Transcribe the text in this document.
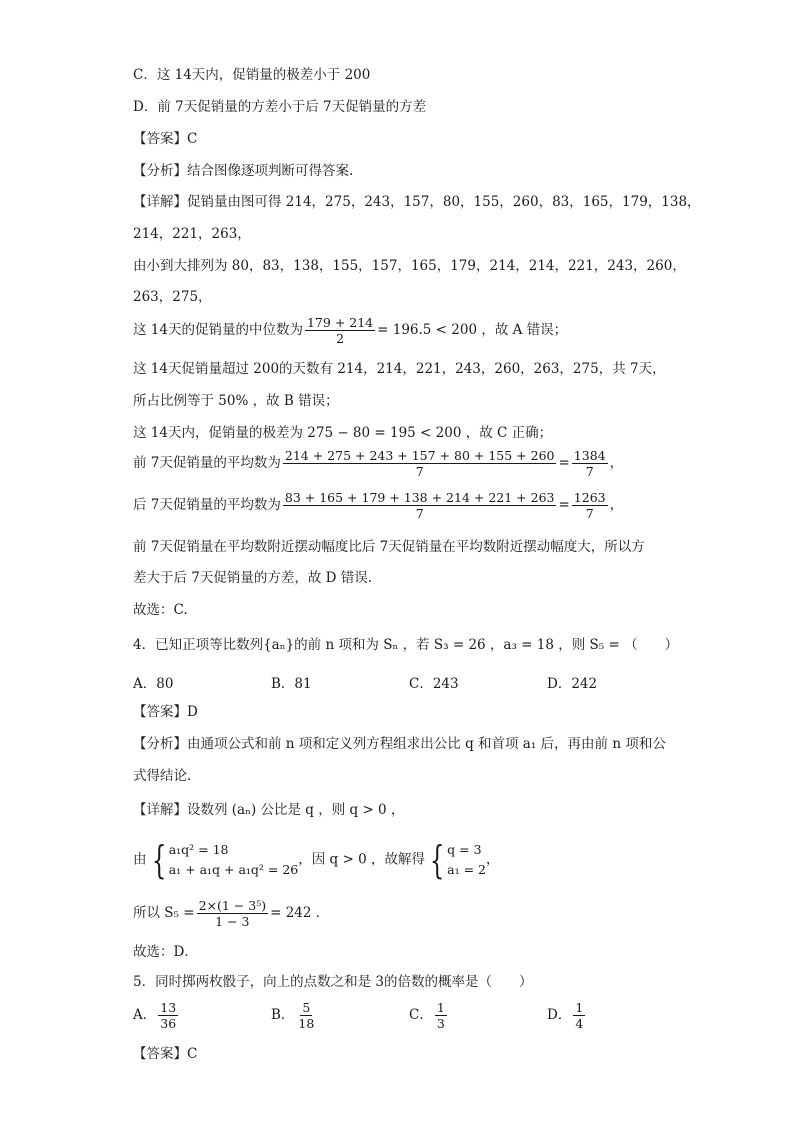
C．这 14天内，促销量的极差小于 200
D．前 7天促销量的方差小于后 7天促销量的方差
【答案】C
【分析】结合图像逐项判断可得答案.
【详解】促销量由图可得 214，275，243，157，80，155，260，83，165，179，138，
214，221，263，
由小到大排列为 80，83，138，155，157，165，179，214，214，221，243，260，
263，275，
这 14天的促销量的中位数为 $\frac{179 + 214}{2} = 196.5 < 200$ ，故 A 错误；
这 14天促销量超过 200的天数有 214，214，221，243，260，263，275，共 7天，
所占比例等于 50% ，故 B 错误；
这 14天内，促销量的极差为 275 − 80 = 195 < 200 ，故 C 正确；
前 7天促销量的平均数为 $\frac{214 + 275 + 243 + 157 + 80 + 155 + 260}{7} = \frac{1384}{7}$ ，
后 7天促销量的平均数为 $\frac{83 + 165 + 179 + 138 + 214 + 221 + 263}{7} = \frac{1263}{7}$ ，
前 7天促销量在平均数附近摆动幅度比后 7天促销量在平均数附近摆动幅度大，所以方
差大于后 7天促销量的方差，故 D 错误.
故选：C.
4．已知正项等比数列{aₙ}的前 n 项和为 Sₙ ，若 S₃ = 26 ，a₃ = 18 ，则 S₅ = （　　）
A．80	B．81	C．243	D．242
【答案】D
【分析】由通项公式和前 n 项和定义列方程组求出公比 q 和首项 a₁ 后，再由前 n 项和公
式得结论．
【详解】设数列 (aₙ) 公比是 q ，则 q > 0 ，
由 { a₁q² = 18
a₁ + a₁q + a₁q² = 26
，因 q > 0 ，故解得 { q = 3
a₁ = 2
，
所以 $S_5 = \frac{\text{2×(1 − 3⁵)}}{1 - 3} = 242$ ．
故选：D．
5．同时掷两枚骰子，向上的点数之和是 3的倍数的概率是（　　）
A． $\frac{13}{36}$	B． $\frac{5}{18}$	C． $\frac{1}{3}$	D． $\frac{1}{4}$
【答案】C
